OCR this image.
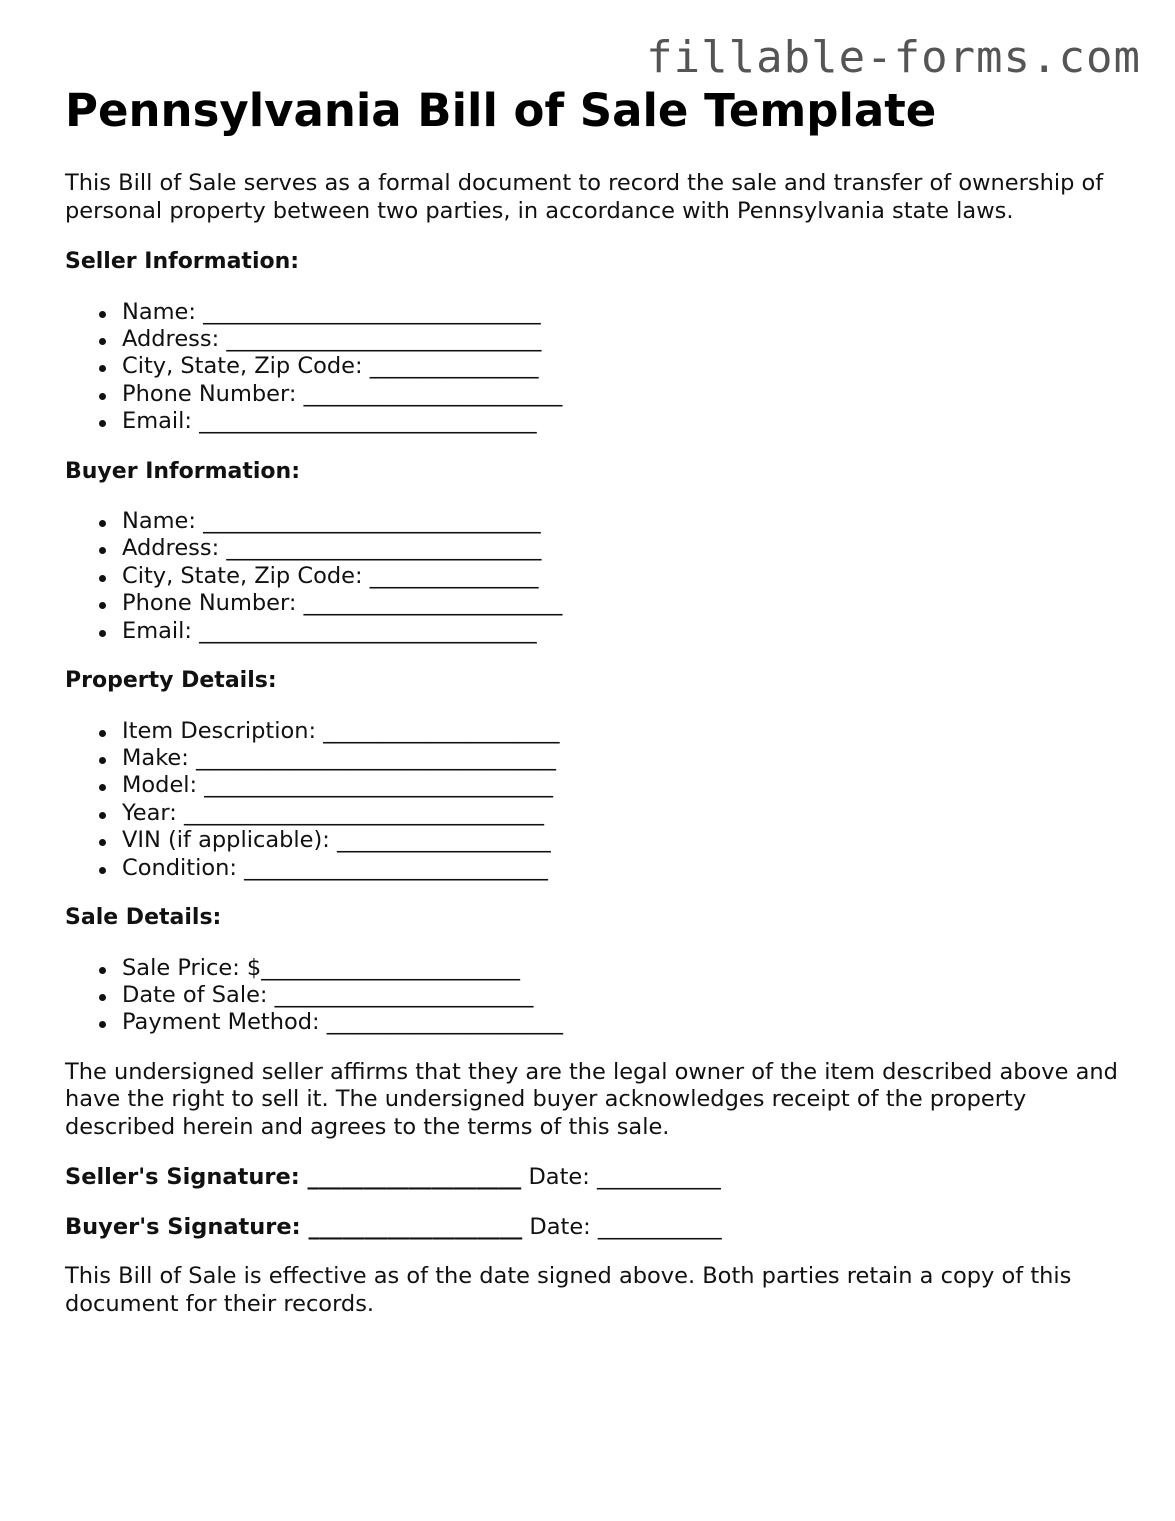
fillable-forms.com
Pennsylvania Bill of Sale Template

This Bill of Sale serves as a formal document to record the sale and transfer of ownership of personal property between two parties, in accordance with Pennsylvania state laws.

Seller Information:
Name: ______________________________
Address: ____________________________
City, State, Zip Code: _______________
Phone Number: _______________________
Email: ______________________________
Buyer Information:
Name: ______________________________
Address: ____________________________
City, State, Zip Code: _______________
Phone Number: _______________________
Email: ______________________________
Property Details:
Item Description: _____________________
Make: ________________________________
Model: _______________________________
Year: ________________________________
VIN (if applicable): ___________________
Condition: ___________________________
Sale Details:
Sale Price: $_______________________
Date of Sale: _______________________
Payment Method: _____________________

The undersigned seller affirms that they are the legal owner of the item described above and have the right to sell it. The undersigned buyer acknowledges receipt of the property described herein and agrees to the terms of this sale.

Seller's Signature: ___________________ Date: ___________
Buyer's Signature: ___________________ Date: ___________

This Bill of Sale is effective as of the date signed above. Both parties retain a copy of this document for their records.
